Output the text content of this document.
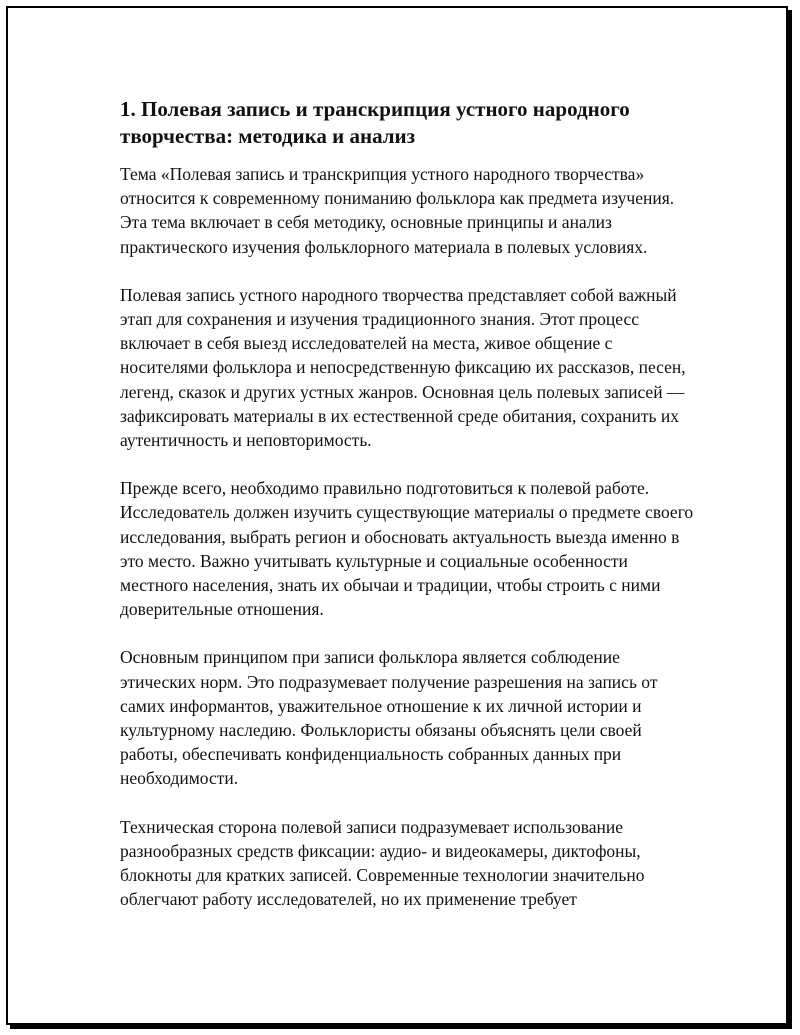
1. Полевая запись и транскрипция устного народного творчества: методика и анализ

Тема «Полевая запись и транскрипция устного народного творчества» относится к современному пониманию фольклора как предмета изучения. Эта тема включает в себя методику, основные принципы и анализ практического изучения фольклорного материала в полевых условиях.

Полевая запись устного народного творчества представляет собой важный этап для сохранения и изучения традиционного знания. Этот процесс включает в себя выезд исследователей на места, живое общение с носителями фольклора и непосредственную фиксацию их рассказов, песен, легенд, сказок и других устных жанров. Основная цель полевых записей — зафиксировать материалы в их естественной среде обитания, сохранить их аутентичность и неповторимость.

Прежде всего, необходимо правильно подготовиться к полевой работе. Исследователь должен изучить существующие материалы о предмете своего исследования, выбрать регион и обосновать актуальность выезда именно в это место. Важно учитывать культурные и социальные особенности местного населения, знать их обычаи и традиции, чтобы строить с ними доверительные отношения.

Основным принципом при записи фольклора является соблюдение этических норм. Это подразумевает получение разрешения на запись от самих информантов, уважительное отношение к их личной истории и культурному наследию. Фольклористы обязаны объяснять цели своей работы, обеспечивать конфиденциальность собранных данных при необходимости.

Техническая сторона полевой записи подразумевает использование разнообразных средств фиксации: аудио- и видеокамеры, диктофоны, блокноты для кратких записей. Современные технологии значительно облегчают работу исследователей, но их применение требует
